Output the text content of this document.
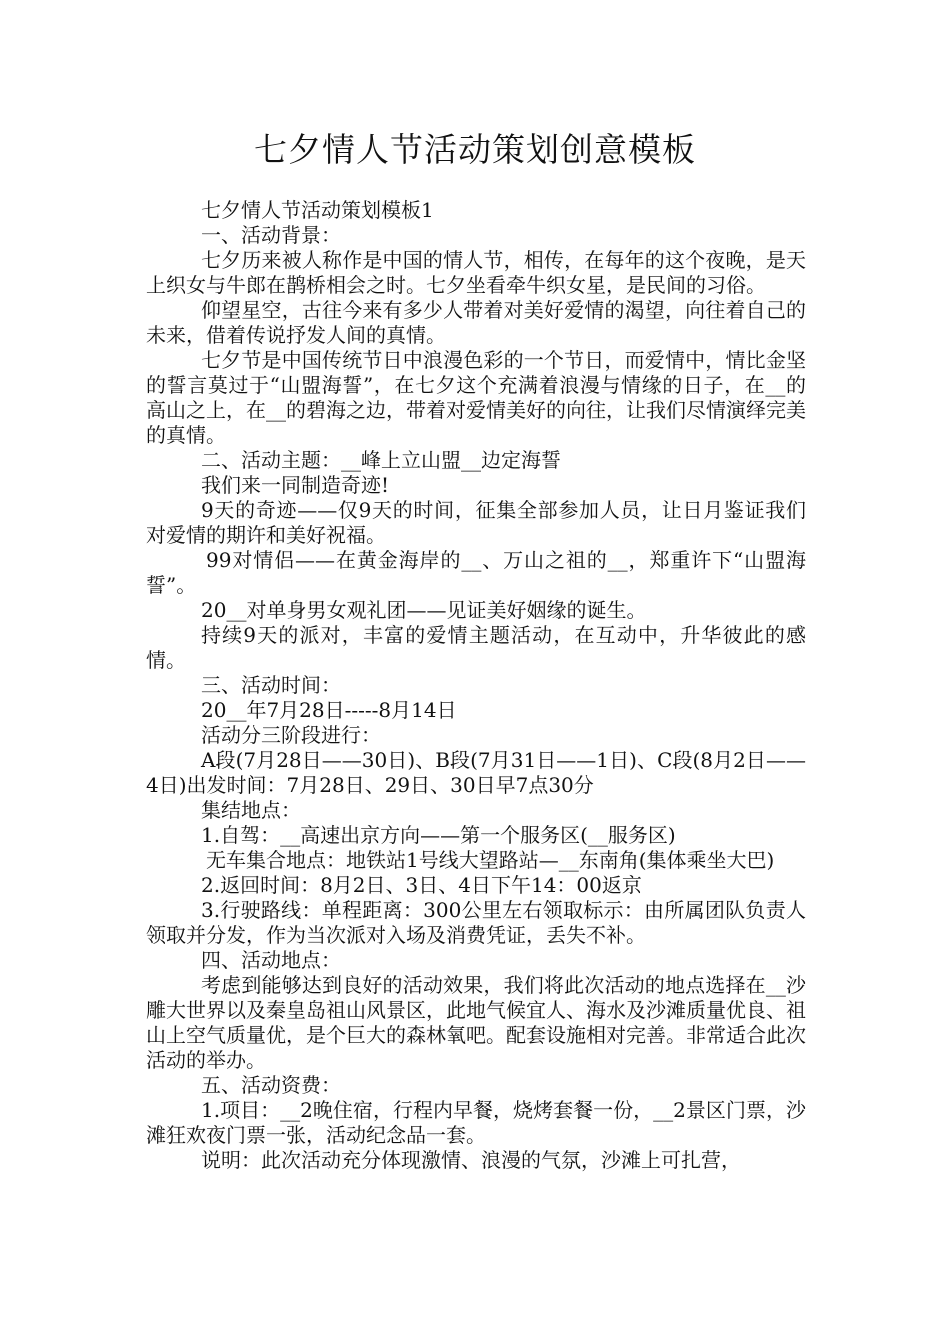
七夕情人节活动策划创意模板

七夕情人节活动策划模板1

一、活动背景：

七夕历来被人称作是中国的情人节，相传，在每年的这个夜晚，是天上织女与牛郎在鹊桥相会之时。七夕坐看牵牛织女星，是民间的习俗。

仰望星空，古往今来有多少人带着对美好爱情的渴望，向往着自己的未来，借着传说抒发人间的真情。

七夕节是中国传统节日中浪漫色彩的一个节日，而爱情中，情比金坚的誓言莫过于“山盟海誓”，在七夕这个充满着浪漫与情缘的日子，在__的高山之上，在__的碧海之边，带着对爱情美好的向往，让我们尽情演绎完美的真情。

二、活动主题：__峰上立山盟__边定海誓

我们来一同制造奇迹!

9天的奇迹——仅9天的时间，征集全部参加人员，让日月鉴证我们对爱情的期许和美好祝福。

99对情侣——在黄金海岸的__、万山之祖的__，郑重许下“山盟海誓”。

20__对单身男女观礼团——见证美好姻缘的诞生。

持续9天的派对，丰富的爱情主题活动，在互动中，升华彼此的感情。

三、活动时间：

20__年7月28日-----8月14日

活动分三阶段进行：

A段(7月28日——30日)、B段(7月31日——1日)、C段(8月2日——4日)出发时间：7月28日、29日、30日早7点30分

集结地点：

1.自驾：__高速出京方向——第一个服务区(__服务区)

无车集合地点：地铁站1号线大望路站—__东南角(集体乘坐大巴)

2.返回时间：8月2日、3日、4日下午14：00返京

3.行驶路线：单程距离：300公里左右领取标示：由所属团队负责人领取并分发，作为当次派对入场及消费凭证，丢失不补。

四、活动地点：

考虑到能够达到良好的活动效果，我们将此次活动的地点选择在__沙雕大世界以及秦皇岛祖山风景区，此地气候宜人、海水及沙滩质量优良、祖山上空气质量优，是个巨大的森林氧吧。配套设施相对完善。非常适合此次活动的举办。

五、活动资费：

1.项目：__2晚住宿，行程内早餐，烧烤套餐一份，__2景区门票，沙滩狂欢夜门票一张，活动纪念品一套。

说明：此次活动充分体现激情、浪漫的气氛，沙滩上可扎营，
